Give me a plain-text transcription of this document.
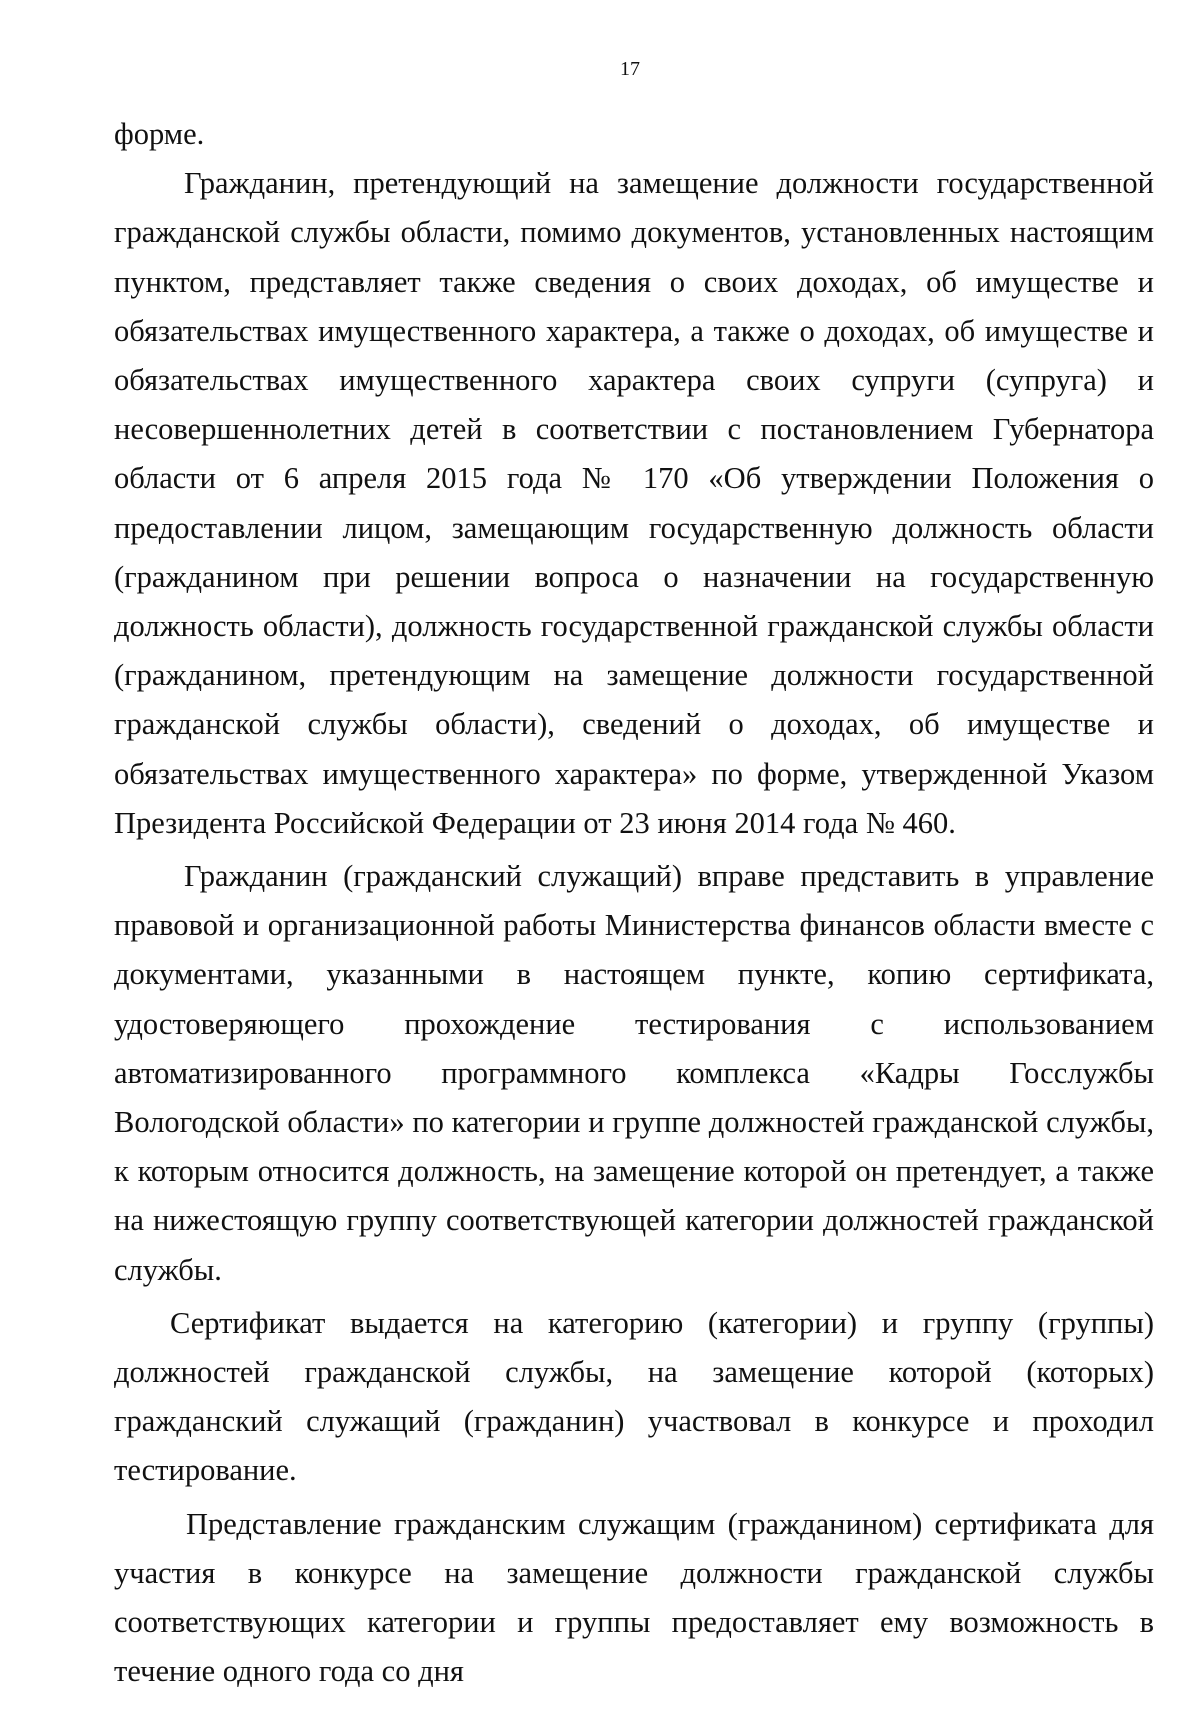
17

форме.

Гражданин, претендующий на замещение должности государственной гражданской службы области, помимо документов, установленных настоящим пунктом, представляет также сведения о своих доходах, об имуществе и обязательствах имущественного характера, а также о доходах, об имуществе и обязательствах имущественного характера своих супруги (супруга) и несовершеннолетних детей в соответствии с постановлением Губернатора области от 6 апреля 2015 года № 170 «Об утверждении Положения о предоставлении лицом, замещающим государственную должность области (гражданином при решении вопроса о назначении на государственную должность области), должность государственной гражданской службы области (гражданином, претендующим на замещение должности государственной гражданской службы области), сведений о доходах, об имуществе и обязательствах имущественного характера» по форме, утвержденной Указом Президента Российской Федерации от 23 июня 2014 года № 460.

Гражданин (гражданский служащий) вправе представить в управление правовой и организационной работы Министерства финансов области вместе с документами, указанными в настоящем пункте, копию сертификата, удостоверяющего прохождение тестирования с использованием автоматизированного программного комплекса «Кадры Госслужбы Вологодской области» по категории и группе должностей гражданской службы, к которым относится должность, на замещение которой он претендует, а также на нижестоящую группу соответствующей категории должностей гражданской службы.

Сертификат выдается на категорию (категории) и группу (группы) должностей гражданской службы, на замещение которой (которых) гражданский служащий (гражданин) участвовал в конкурсе и проходил тестирование.

Представление гражданским служащим (гражданином) сертификата для участия в конкурсе на замещение должности гражданской службы соответствующих категории и группы предоставляет ему возможность в течение одного года со дня
